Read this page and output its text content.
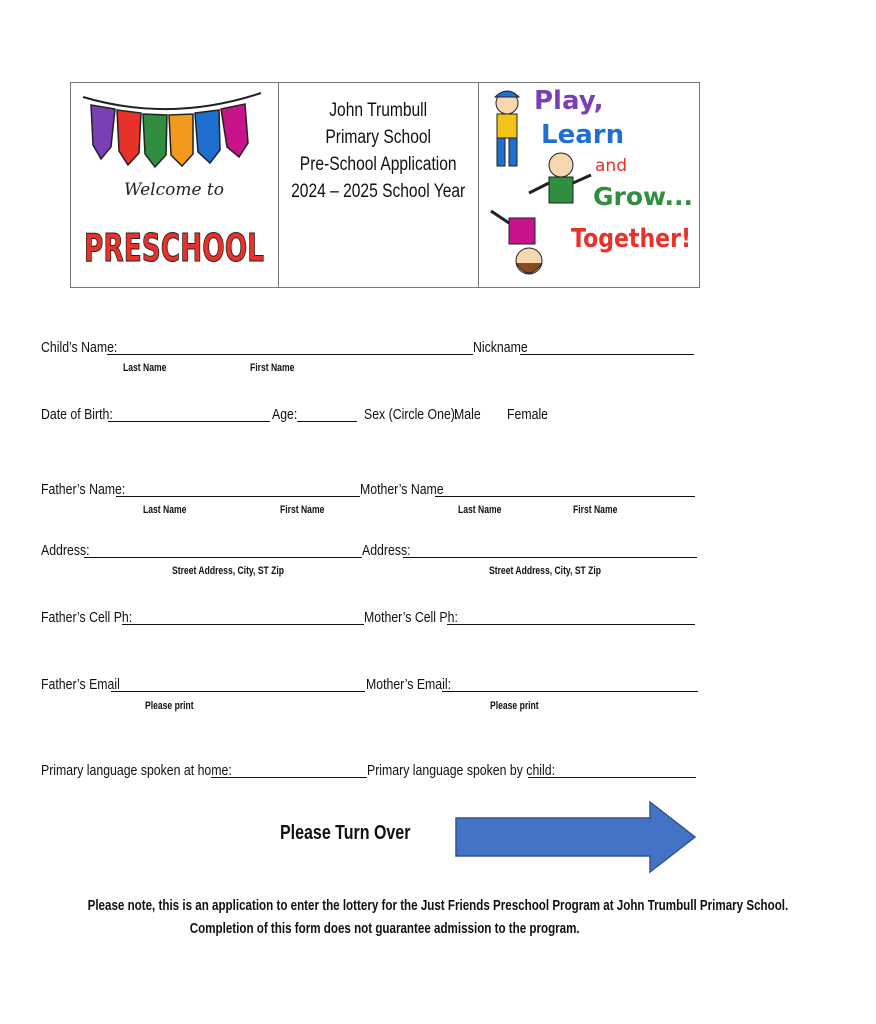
Welcome to
PRESCHOOL
John Trumbull
Primary School
Pre-School Application
2024 – 2025 School Year
Play,
Learn
and
Grow...
Together!
Child’s Name:	Nickname
Last Name	First Name
Date of Birth:	Age:	Sex (Circle One):
Male Female
Father’s Name:	Mother’s Name
Last Name	First Name	Last Name	First Name
Address:	Address:
Street Address, City, ST Zip	Street Address, City, ST Zip
Father’s Cell Ph:	Mother’s Cell Ph:
Father’s Email	Mother’s Email:
Please print	Please print
Primary language spoken at home:	Primary language spoken by child:
Please Turn Over
Please note, this is an application to enter the lottery for the Just Friends Preschool Program at John Trumbull Primary School.
Completion of this form does not guarantee admission to the program.
